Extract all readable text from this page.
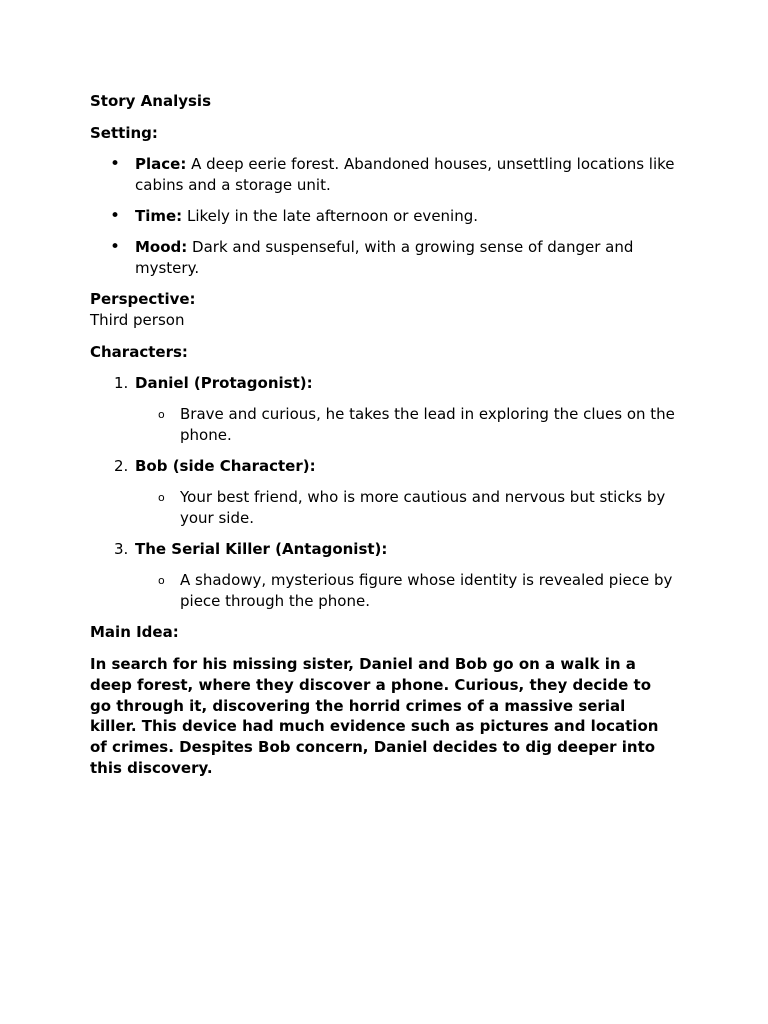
Story Analysis
Setting:
• Place: A deep eerie forest. Abandoned houses, unsettling locations like
cabins and a storage unit.
• Time: Likely in the late afternoon or evening.
• Mood: Dark and suspenseful, with a growing sense of danger and
mystery.
Perspective:
Third person
Characters:
1. Daniel (Protagonist):
o Brave and curious, he takes the lead in exploring the clues on the
phone.
2. Bob (side Character):
o Your best friend, who is more cautious and nervous but sticks by
your side.
3. The Serial Killer (Antagonist):
o A shadowy, mysterious figure whose identity is revealed piece by
piece through the phone.
Main Idea:
In search for his missing sister, Daniel and Bob go on a walk in a
deep forest, where they discover a phone. Curious, they decide to
go through it, discovering the horrid crimes of a massive serial
killer. This device had much evidence such as pictures and location
of crimes. Despites Bob concern, Daniel decides to dig deeper into
this discovery.
